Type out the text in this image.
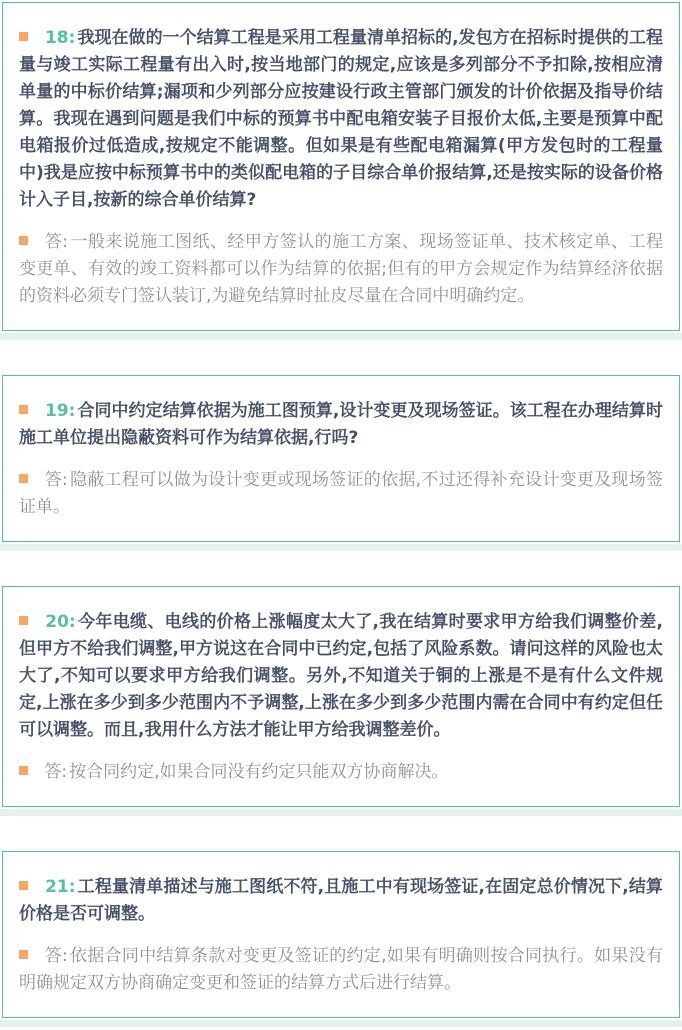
18: 我现在做的一个结算工程是采用工程量清单招标的,发包方在招标时提供的工程量与竣工实际工程量有出入时,按当地部门的规定,应该是多列部分不予扣除,按相应清单量的中标价结算;漏项和少列部分应按建设行政主管部门颁发的计价依据及指导价结算。我现在遇到问题是我们中标的预算书中配电箱安装子目报价太低,主要是预算中配电箱报价过低造成,按规定不能调整。但如果是有些配电箱漏算(甲方发包时的工程量中)我是应按中标预算书中的类似配电箱的子目综合单价报结算,还是按实际的设备价格计入子目,按新的综合单价结算?

答: 一般来说施工图纸、经甲方签认的施工方案、现场签证单、技术核定单、工程变更单、有效的竣工资料都可以作为结算的依据;但有的甲方会规定作为结算经济依据的资料必须专门签认装订,为避免结算时扯皮尽量在合同中明确约定。

19: 合同中约定结算依据为施工图预算,设计变更及现场签证。该工程在办理结算时施工单位提出隐蔽资料可作为结算依据,行吗?

答: 隐蔽工程可以做为设计变更或现场签证的依据,不过还得补充设计变更及现场签证单。

20: 今年电缆、电线的价格上涨幅度太大了,我在结算时要求甲方给我们调整价差,但甲方不给我们调整,甲方说这在合同中已约定,包括了风险系数。请问这样的风险也太大了,不知可以要求甲方给我们调整。另外,不知道关于铜的上涨是不是有什么文件规定,上涨在多少到多少范围内不予调整,上涨在多少到多少范围内需在合同中有约定但任可以调整。而且,我用什么方法才能让甲方给我调整差价。

答: 按合同约定,如果合同没有约定只能双方协商解决。

21: 工程量清单描述与施工图纸不符,且施工中有现场签证,在固定总价情况下,结算价格是否可调整。

答: 依据合同中结算条款对变更及签证的约定,如果有明确则按合同执行。如果没有明确规定双方协商确定变更和签证的结算方式后进行结算。
